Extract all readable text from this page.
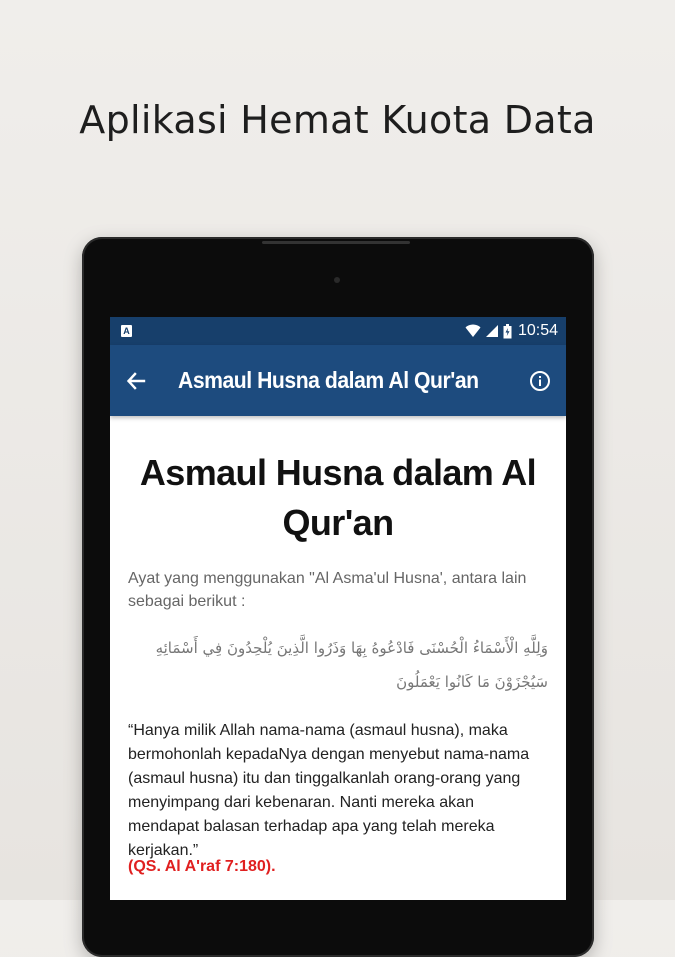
Aplikasi Hemat Kuota Data
A	10:54
Asmaul Husna dalam Al Qur'an
Asmaul Husna dalam Al Qur'an
Ayat yang menggunakan "Al Asma'ul Husna', antara lain sebagai berikut :
وَلِلَّهِ الْأَسْمَاءُ الْحُسْنَى فَادْعُوهُ بِهَا وَذَرُوا الَّذِينَ يُلْحِدُونَ فِي أَسْمَائِهِ سَيُجْزَوْنَ مَا كَانُوا يَعْمَلُونَ
“Hanya milik Allah nama-nama (asmaul husna), maka bermohonlah kepadaNya dengan menyebut nama-nama (asmaul husna) itu dan tinggalkanlah orang-orang yang menyimpang dari kebenaran. Nanti mereka akan mendapat balasan terhadap apa yang telah mereka kerjakan.”
(QS. Al A'raf 7:180).
